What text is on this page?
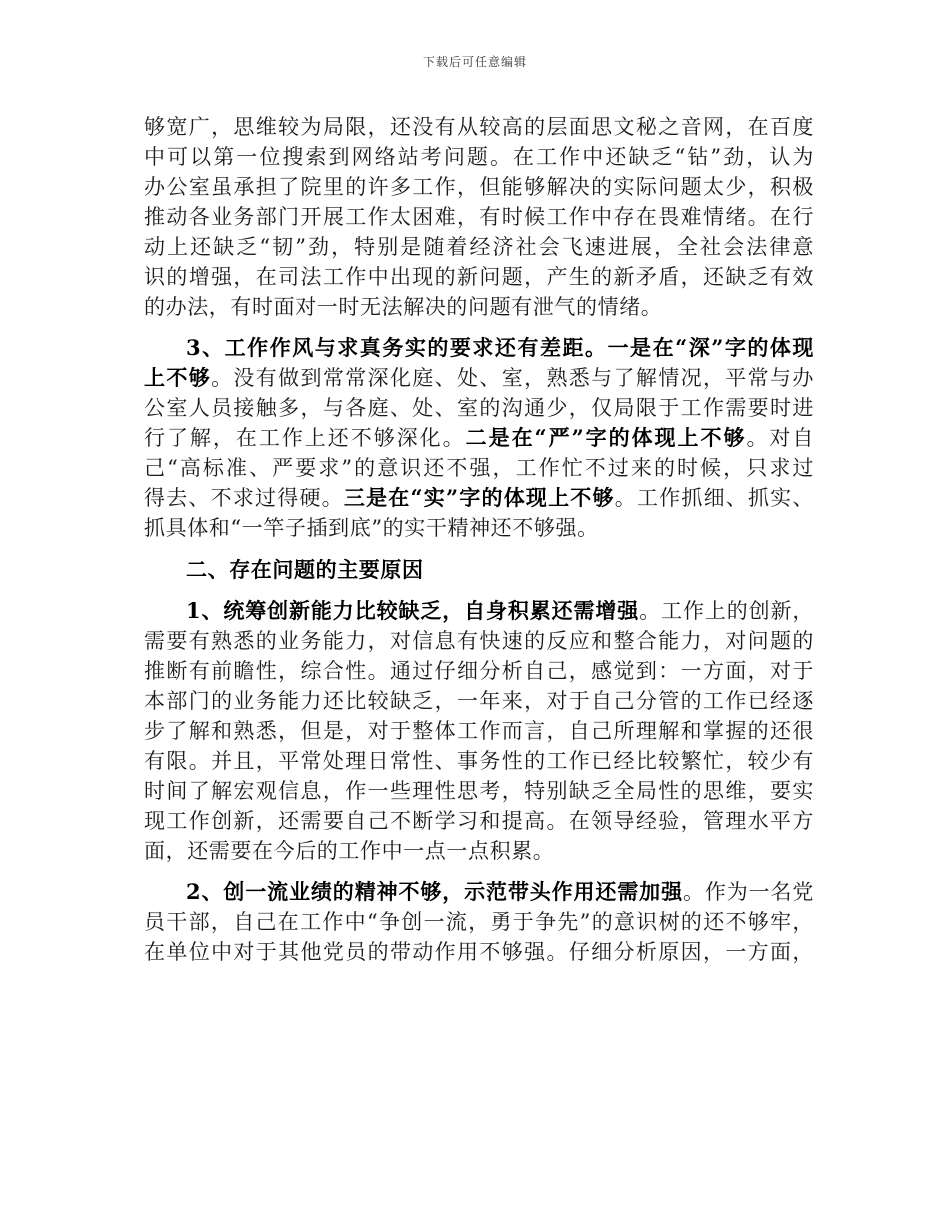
下载后可任意编辑
够宽广，思维较为局限，还没有从较高的层面思文秘之音网，在百度
中可以第一位搜索到网络站考问题。在工作中还缺乏“钻”劲，认为
办公室虽承担了院里的许多工作，但能够解决的实际问题太少，积极
推动各业务部门开展工作太困难，有时候工作中存在畏难情绪。在行
动上还缺乏“韧”劲，特别是随着经济社会飞速进展，全社会法律意
识的增强，在司法工作中出现的新问题，产生的新矛盾，还缺乏有效
的办法，有时面对一时无法解决的问题有泄气的情绪。
3、工作作风与求真务实的要求还有差距。一是在“深”字的体现
上不够。没有做到常常深化庭、处、室，熟悉与了解情况，平常与办
公室人员接触多，与各庭、处、室的沟通少，仅局限于工作需要时进
行了解，在工作上还不够深化。二是在“严”字的体现上不够。对自
己“高标准、严要求”的意识还不强，工作忙不过来的时候，只求过
得去、不求过得硬。三是在“实”字的体现上不够。工作抓细、抓实、
抓具体和“一竿子插到底”的实干精神还不够强。
二、存在问题的主要原因
1、统筹创新能力比较缺乏，自身积累还需增强。工作上的创新，
需要有熟悉的业务能力，对信息有快速的反应和整合能力，对问题的
推断有前瞻性，综合性。通过仔细分析自己，感觉到：一方面，对于
本部门的业务能力还比较缺乏，一年来，对于自己分管的工作已经逐
步了解和熟悉，但是，对于整体工作而言，自己所理解和掌握的还很
有限。并且，平常处理日常性、事务性的工作已经比较繁忙，较少有
时间了解宏观信息，作一些理性思考，特别缺乏全局性的思维，要实
现工作创新，还需要自己不断学习和提高。在领导经验，管理水平方
面，还需要在今后的工作中一点一点积累。
2、创一流业绩的精神不够，示范带头作用还需加强。作为一名党
员干部，自己在工作中“争创一流，勇于争先”的意识树的还不够牢，
在单位中对于其他党员的带动作用不够强。仔细分析原因，一方面，
